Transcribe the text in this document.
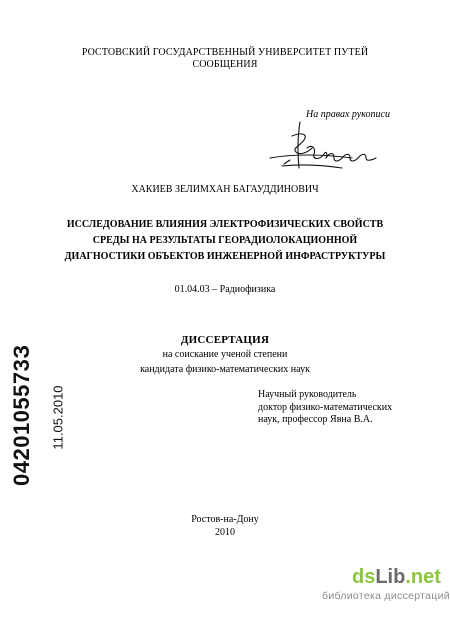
РОСТОВСКИЙ ГОСУДАРСТВЕННЫЙ УНИВЕРСИТЕТ ПУТЕЙ
СООБЩЕНИЯ
На правах рукописи
ХАКИЕВ ЗЕЛИМХАН БАГАУДДИНОВИЧ
ИССЛЕДОВАНИЕ ВЛИЯНИЯ ЭЛЕКТРОФИЗИЧЕСКИХ СВОЙСТВ
СРЕДЫ НА РЕЗУЛЬТАТЫ ГЕОРАДИОЛОКАЦИОННОЙ
ДИАГНОСТИКИ ОБЪЕКТОВ ИНЖЕНЕРНОЙ ИНФРАСТРУКТУРЫ
01.04.03 – Радиофизика
ДИССЕРТАЦИЯ
на соискание ученой степени
кандидата физико-математических наук
Научный руководитель
доктор физико-математических
наук, профессор Явна В.А.
Ростов-на-Дону
2010
0420105573З 11.05.2010
dsLib.net
библиотека диссертаций
